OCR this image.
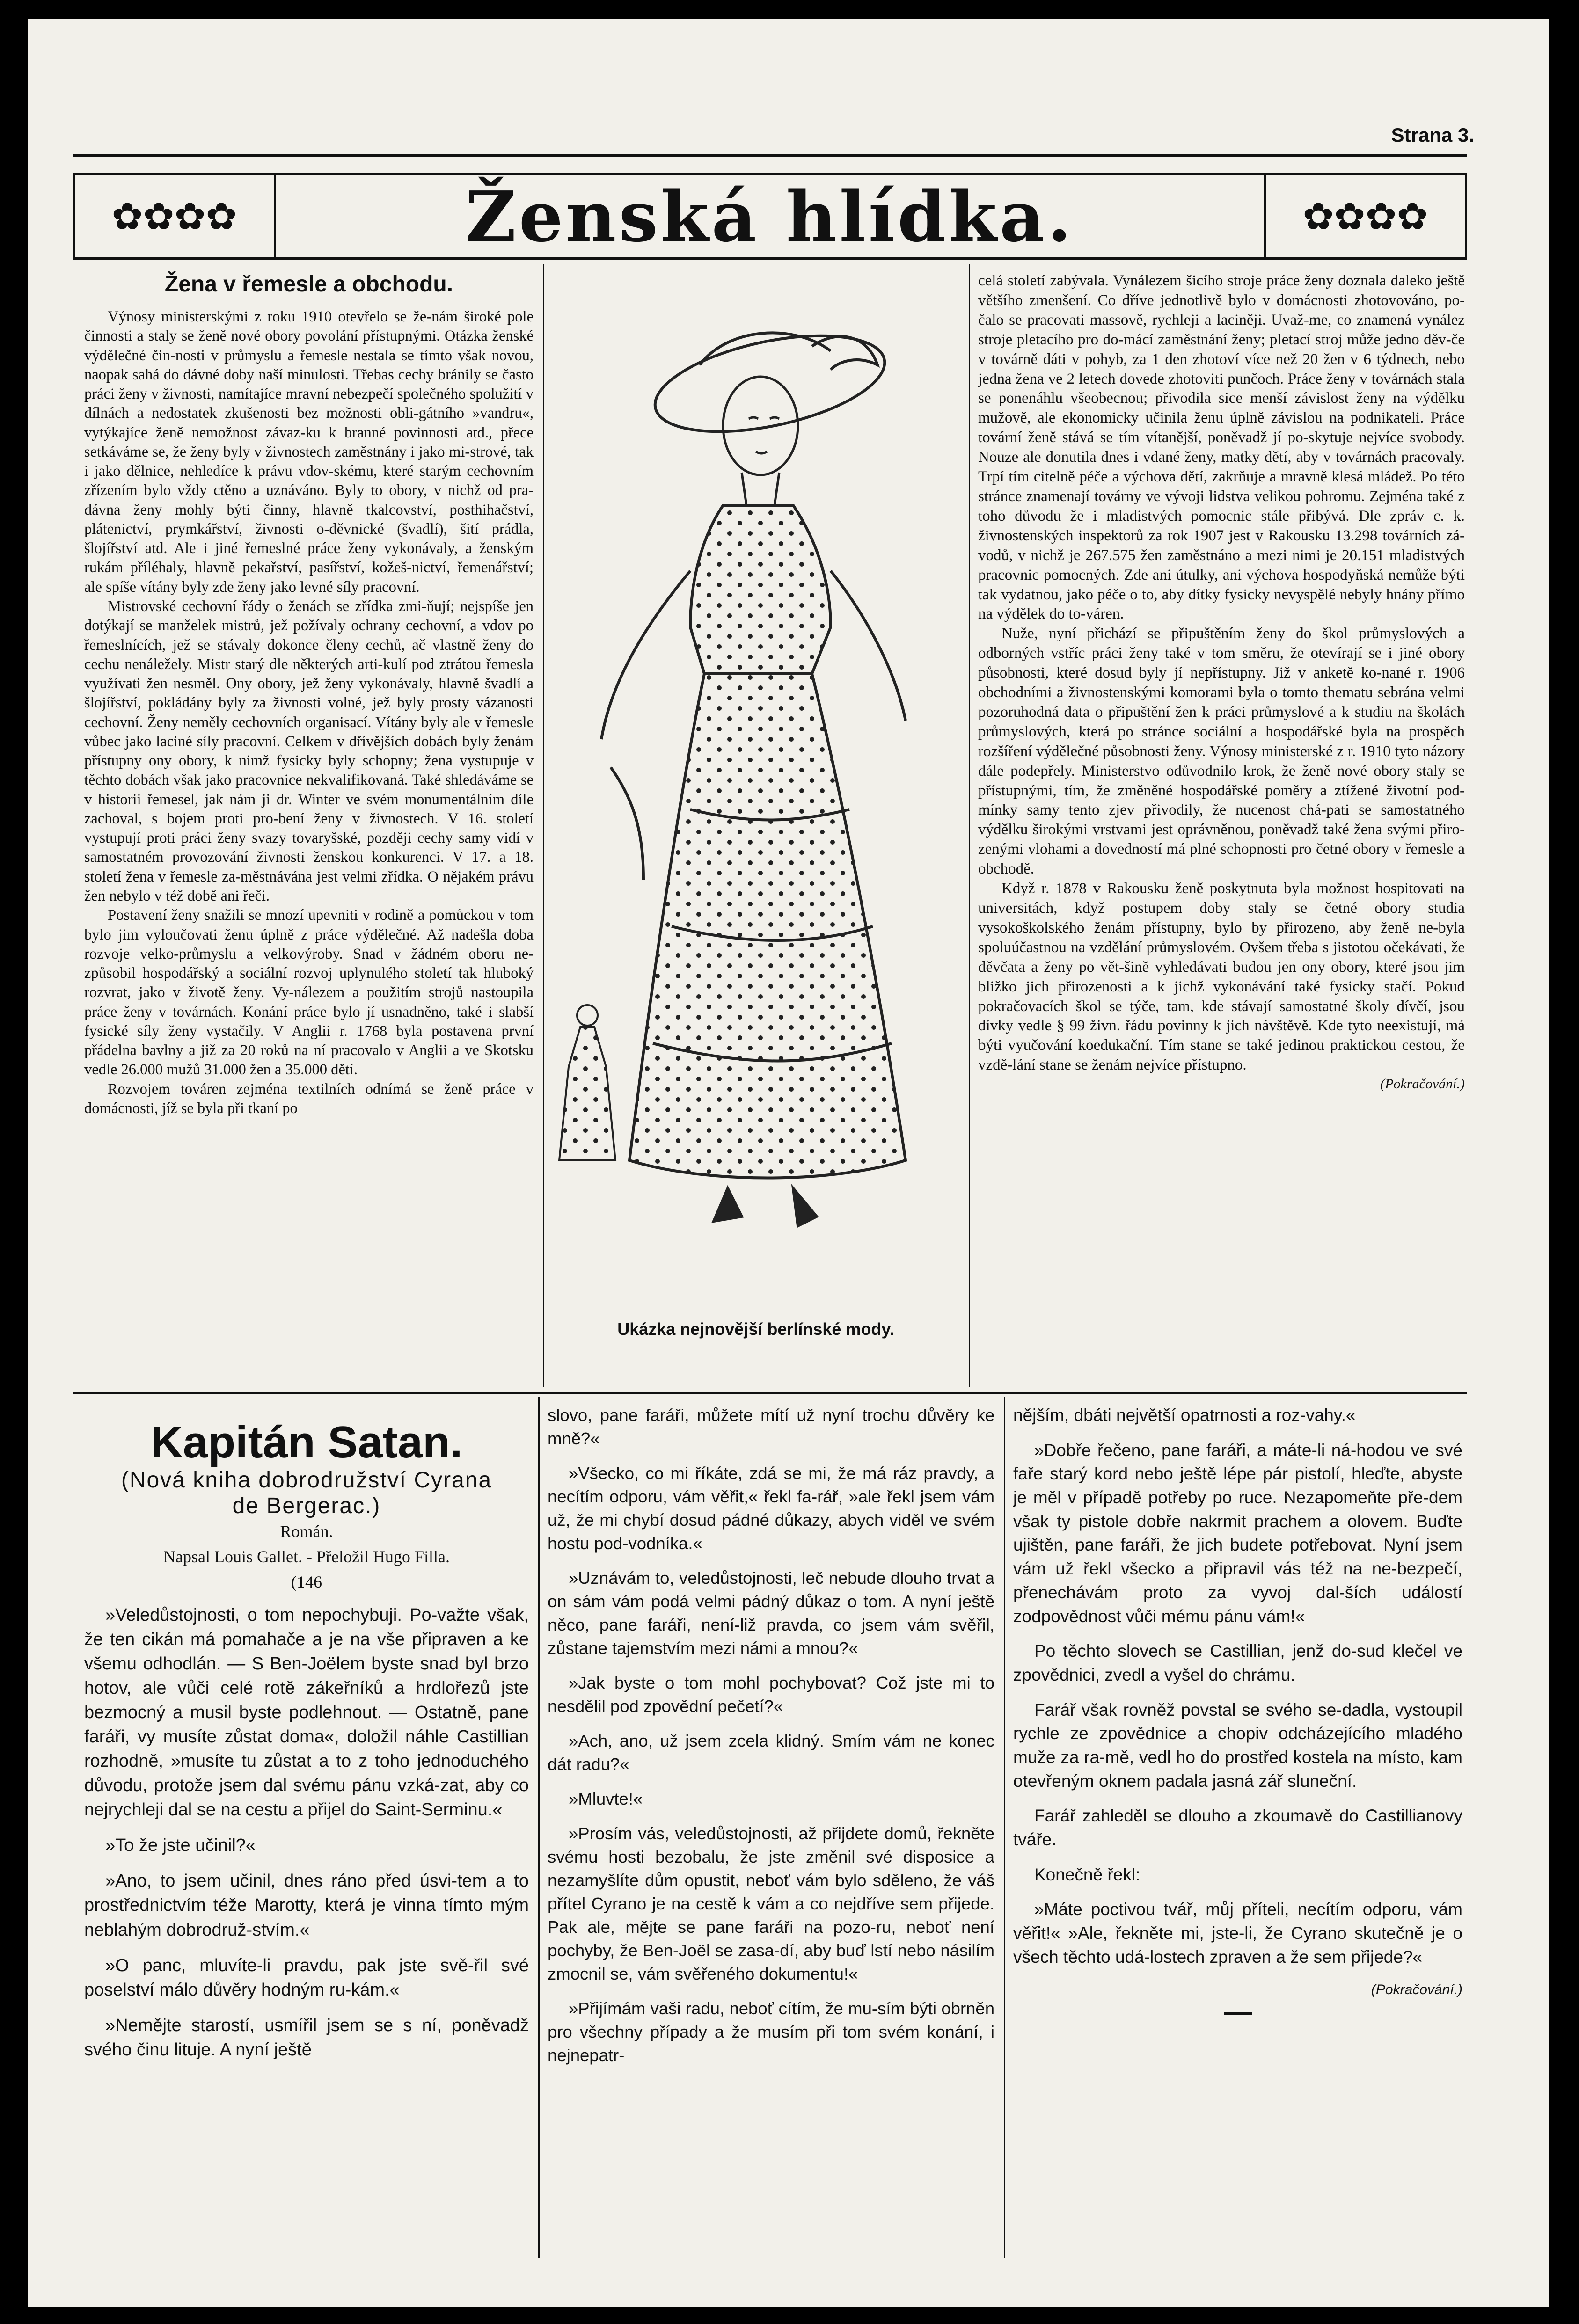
Strana 3.
✿✿✿✿	Ženská hlídka.	✿✿✿✿
Žena v řemesle a obchodu.

Výnosy ministerskými z roku 1910 otevřelo se že-nám široké pole činnosti a staly se ženě nové obory povolání přístupnými. Otázka ženské výdělečné čin-nosti v průmyslu a řemesle nestala se tímto však novou, naopak sahá do dávné doby naší minulosti. Třebas cechy bránily se často práci ženy v živnosti, namítajíce mravní nebezpečí společného spolužití v dílnách a nedostatek zkušenosti bez možnosti obli-gátního »vandru«, vytýkajíce ženě nemožnost závaz-ku k branné povinnosti atd., přece setkáváme se, že ženy byly v živnostech zaměstnány i jako mi-strové, tak i jako dělnice, nehledíce k právu vdov-skému, které starým cechovním zřízením bylo vždy ctěno a uznáváno. Byly to obory, v nichž od pra-dávna ženy mohly býti činny, hlavně tkalcovství, posthihačství, plátenictví, prymkářství, živnosti o-děvnické (švadlí), šití prádla, šlojířství atd. Ale i jiné řemeslné práce ženy vykonávaly, a ženským rukám příléhaly, hlavně pekařství, pasířství, kožeš-nictví, řemenářství; ale spíše vítány byly zde ženy jako levné síly pracovní.

Mistrovské cechovní řády o ženách se zřídka zmi-ňují; nejspíše jen dotýkají se manželek mistrů, jež požívaly ochrany cechovní, a vdov po řemeslnících, jež se stávaly dokonce členy cechů, ač vlastně ženy do cechu nenáležely. Mistr starý dle některých arti-kulí pod ztrátou řemesla využívati žen nesměl. Ony obory, jež ženy vykonávaly, hlavně švadlí a šlojířství, pokládány byly za živnosti volné, jež byly prosty vázanosti cechovní. Ženy neměly cechovních organisací. Vítány byly ale v řemesle vůbec jako laciné síly pracovní. Celkem v dřívějších dobách byly ženám přístupny ony obory, k nimž fysicky byly schopny; žena vystupuje v těchto dobách však jako pracovnice nekvalifikovaná. Také shledáváme se v historii řemesel, jak nám ji dr. Winter ve svém monumentálním díle zachoval, s bojem proti pro-bení ženy v živnostech. V 16. století vystupují proti práci ženy svazy tovaryšské, později cechy samy vidí v samostatném provozování živnosti ženskou konkurenci. V 17. a 18. století žena v řemesle za-městnávána jest velmi zřídka. O nějakém právu žen nebylo v též době ani řeči.

Postavení ženy snažili se mnozí upevniti v rodině a pomůckou v tom bylo jim vyloučovati ženu úplně z práce výdělečné. Až nadešla doba rozvoje velko-průmyslu a velkovýroby. Snad v žádném oboru ne-způsobil hospodářský a sociální rozvoj uplynulého století tak hluboký rozvrat, jako v životě ženy. Vy-nálezem a použitím strojů nastoupila práce ženy v továrnách. Konání práce bylo jí usnadněno, také i slabší fysické síly ženy vystačily. V Anglii r. 1768 byla postavena první přádelna bavlny a již za 20 roků na ní pracovalo v Anglii a ve Skotsku vedle 26.000 mužů 31.000 žen a 35.000 dětí.

Rozvojem továren zejména textilních odnímá se ženě práce v domácnosti, jíž se byla při tkaní po

Ukázka nejnovější berlínské mody.

celá století zabývala. Vynálezem šicího stroje práce ženy doznala daleko ještě většího zmenšení. Co dříve jednotlivě bylo v domácnosti zhotovováno, po-čalo se pracovati massově, rychleji a laciněji. Uvaž-me, co znamená vynález stroje pletacího pro do-mácí zaměstnání ženy; pletací stroj může jedno děv-če v továrně dáti v pohyb, za 1 den zhotoví více než 20 žen v 6 týdnech, nebo jedna žena ve 2 letech dovede zhotoviti punčoch. Práce ženy v továrnách stala se ponenáhlu všeobecnou; přivodila sice menší závislost ženy na výdělku mužově, ale ekonomicky učinila ženu úplně závislou na podnikateli. Práce tovární ženě stává se tím vítanější, poněvadž jí po-skytuje nejvíce svobody. Nouze ale donutila dnes i vdané ženy, matky dětí, aby v továrnách pracovaly. Trpí tím citelně péče a výchova dětí, zakrňuje a mravně klesá mládež. Po této stránce znamenají továrny ve vývoji lidstva velikou pohromu. Zejména také z toho důvodu že i mladistvých pomocnic stále přibývá. Dle zpráv c. k. živnostenských inspektorů za rok 1907 jest v Rakousku 13.298 továrních zá-vodů, v nichž je 267.575 žen zaměstnáno a mezi nimi je 20.151 mladistvých pracovnic pomocných. Zde ani útulky, ani výchova hospodyňská nemůže býti tak vydatnou, jako péče o to, aby dítky fysicky nevyspělé nebyly hnány přímo na výdělek do to-váren.

Nuže, nyní přichází se připuštěním ženy do škol průmyslových a odborných vstříc práci ženy také v tom směru, že otevírají se i jiné obory působnosti, které dosud byly jí nepřístupny. Již v anketě ko-nané r. 1906 obchodními a živnostenskými komorami byla o tomto thematu sebrána velmi pozoruhodná data o připuštění žen k práci průmyslové a k studiu na školách průmyslových, která po stránce sociální a hospodářské byla na prospěch rozšíření výdělečné působnosti ženy. Výnosy ministerské z r. 1910 tyto názory dále podepřely. Ministerstvo odůvodnilo krok, že ženě nové obory staly se přístupnými, tím, že změněné hospodářské poměry a ztížené životní pod-mínky samy tento zjev přivodily, že nucenost chá-pati se samostatného výdělku širokými vrstvami jest oprávněnou, poněvadž také žena svými přiro-zenými vlohami a dovedností má plné schopnosti pro četné obory v řemesle a obchodě.

Když r. 1878 v Rakousku ženě poskytnuta byla možnost hospitovati na universitách, když postupem doby staly se četné obory studia vysokoškolského ženám přístupny, bylo by přirozeno, aby ženě ne-byla spoluúčastnou na vzdělání průmyslovém. Ovšem třeba s jistotou očekávati, že děvčata a ženy po vět-šině vyhledávati budou jen ony obory, které jsou jim bližko jich přirozenosti a k jichž vykonávání také fysicky stačí. Pokud pokračovacích škol se týče, tam, kde stávají samostatné školy dívčí, jsou dívky vedle § 99 živn. řádu povinny k jich návštěvě. Kde tyto neexistují, má býti vyučování koedukační. Tím stane se také jedinou praktickou cestou, že vzdě-lání stane se ženám nejvíce přístupno.

(Pokračování.)
Kapitán Satan.
(Nová kniha dobrodružství Cyrana
de Bergerac.)
Román.
Napsal Louis Gallet. - Přeložil Hugo Filla.
(146

»Veledůstojnosti, o tom nepochybuji. Po-važte však, že ten cikán má pomahače a je na vše připraven a ke všemu odhodlán. — S Ben-Joëlem byste snad byl brzo hotov, ale vůči celé rotě zákeřníků a hrdlořezů jste bezmocný a musil byste podlehnout. — Ostatně, pane faráři, vy musíte zůstat doma«, doložil náhle Castillian rozhodně, »musíte tu zůstat a to z toho jednoduchého důvodu, protože jsem dal svému pánu vzká-zat, aby co nejrychleji dal se na cestu a přijel do Saint-Serminu.«

»To že jste učinil?«

»Ano, to jsem učinil, dnes ráno před úsvi-tem a to prostřednictvím téže Marotty, která je vinna tímto mým neblahým dobrodruž-stvím.«

»O panc, mluvíte-li pravdu, pak jste svě-řil své poselství málo důvěry hodným ru-kám.«

»Nemějte starostí, usmířil jsem se s ní, poněvadž svého činu lituje. A nyní ještě

slovo, pane faráři, můžete mítí už nyní trochu důvěry ke mně?«

»Všecko, co mi říkáte, zdá se mi, že má ráz pravdy, a necítím odporu, vám věřit,« řekl fa-rář, »ale řekl jsem vám už, že mi chybí dosud pádné důkazy, abych viděl ve svém hostu pod-vodníka.«

»Uznávám to, veledůstojnosti, leč nebude dlouho trvat a on sám vám podá velmi pádný důkaz o tom. A nyní ještě něco, pane faráři, není-liž pravda, co jsem vám svěřil, zůstane tajemstvím mezi námi a mnou?«

»Jak byste o tom mohl pochybovat? Což jste mi to nesdělil pod zpovědní pečetí?«

»Ach, ano, už jsem zcela klidný. Smím vám ne konec dát radu?«

»Mluvte!«

»Prosím vás, veledůstojnosti, až přijdete domů, řekněte svému hosti bezobalu, že jste změnil své disposice a nezamyšlíte dům opustit, neboť vám bylo sděleno, že váš přítel Cyrano je na cestě k vám a co nejdříve sem přijede. Pak ale, mějte se pane faráři na pozo-ru, neboť není pochyby, že Ben-Joël se zasa-dí, aby buď lstí nebo násilím zmocnil se, vám svěřeného dokumentu!«

»Přijímám vaši radu, neboť cítím, že mu-sím býti obrněn pro všechny případy a že musím při tom svém konání, i nejnepatr-

nějším, dbáti největší opatrnosti a roz-vahy.«

»Dobře řečeno, pane faráři, a máte-li ná-hodou ve své faře starý kord nebo ještě lépe pár pistolí, hleďte, abyste je měl v případě potřeby po ruce. Nezapomeňte pře-dem však ty pistole dobře nakrmit prachem a olovem. Buďte ujištěn, pane faráři, že jich budete potřebovat. Nyní jsem vám už řekl všecko a připravil vás též na ne-bezpečí, přenechávám proto za vyvoj dal-ších událostí zodpovědnost vůči mému pánu vám!«

Po těchto slovech se Castillian, jenž do-sud klečel ve zpovědnici, zvedl a vyšel do chrámu.

Farář však rovněž povstal se svého se-dadla, vystoupil rychle ze zpovědnice a chopiv odcházejícího mladého muže za ra-mě, vedl ho do prostřed kostela na místo, kam otevřeným oknem padala jasná zář sluneční.

Farář zahleděl se dlouho a zkoumavě do Castillianovy tváře.

Konečně řekl:

»Máte poctivou tvář, můj příteli, necítím odporu, vám věřit!« »Ale, řekněte mi, jste-li, že Cyrano skutečně je o všech těchto udá-lostech zpraven a že sem přijede?«

(Pokračování.)
